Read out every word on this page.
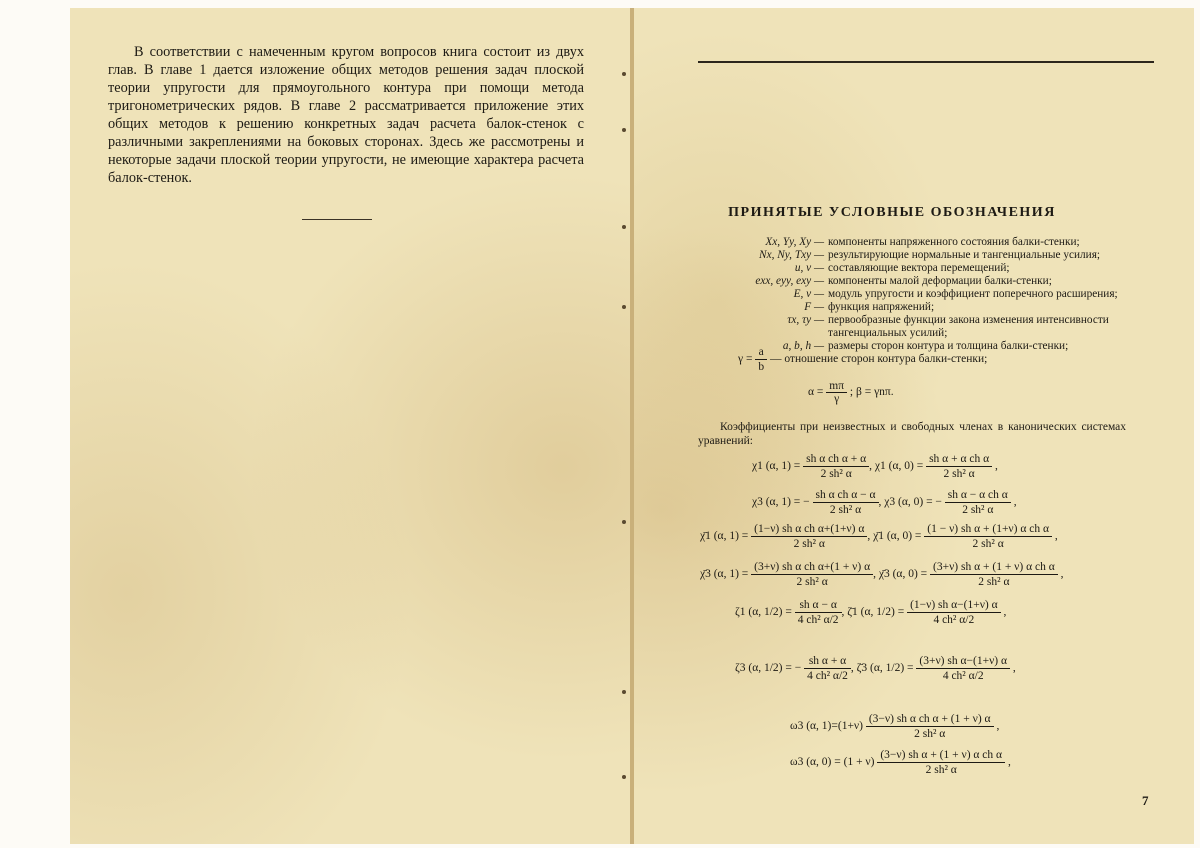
В соответствии с намеченным кругом вопросов книга состоит из двух глав. В главе 1 дается изложение общих методов решения задач плоской теории упругости для прямоугольного контура при помощи метода тригонометрических рядов. В главе 2 рассматривается приложение этих общих методов к решению конкретных задач расчета балок-стенок с различными закреплениями на боковых сторонах. Здесь же рассмотрены и некоторые задачи плоской теории упругости, не имеющие характера расчета балок-стенок.

7
ПРИНЯТЫЕ УСЛОВНЫЕ ОБОЗНАЧЕНИЯ
Xx, Yy, Xy — компоненты напряженного состояния балки-стенки;
Nx, Ny, Txy — результирующие нормальные и тангенциальные усилия;
u, v — составляющие вектора перемещений;
exx, eyy, exy — компоненты малой деформации балки-стенки;
E, ν — модуль упругости и коэффициент поперечного расширения;
F — функция напряжений;
τx, τy — первообразные функции закона изменения интенсивности
тангенциальных усилий;
a, b, h — размеры сторон контура и толщина балки-стенки;
$\gamma = \frac{a}{b}$ — отношение сторон контура балки-стенки;
$\alpha = \frac{m\pi}{\gamma}$ ; β = γnπ.

Коэффициенты при неизвестных и свободных членах в канонических системах уравнений:

χ1 (α, $1) = \frac{\text{sh α ch α + α}}{\text{2 sh² α}}$ , χ1 (α, $0) = \frac{\text{sh α + α ch α}}{\text{2 sh² α}}$ ,
χ3 (α, 1) = − $\frac{\text{sh α ch α − α}}{\text{2 sh² α}}$ , χ3 (α, 0) = − $\frac{\text{sh α − α ch α}}{\text{2 sh² α}}$ ,
χ̄1 (α, $1) = \frac{\text{(1−ν) sh α ch α+(1+ν) α}}{\text{2 sh² α}}$ , χ̄1 (α, $0) = \frac{\text{(1 − ν) sh α + (1+ν) α ch α}}{\text{2 sh² α}}$ ,
χ̄3 (α, $1) = \frac{\text{(3+ν) sh α ch α+(1 + ν) α}}{\text{2 sh² α}}$ , χ̄3 (α, $0) = \frac{\text{(3+ν) sh α + (1 + ν) α ch α}}{\text{2 sh² α}}$ ,
ζ1 (α, $1/2) = \frac{\text{sh α − α}}{\text{4 ch² α/2}}$ , ζ̄1 (α, $1/2) = \frac{\text{(1−ν) sh α−(1+ν) α}}{\text{4 ch² α/2}}$ ,
ζ3 (α, 1/2) = − $\frac{\text{sh α + α}}{\text{4 ch² α/2}}$ , ζ̄3 (α, $1/2) = \frac{\text{(3+ν) sh α−(1+ν) α}}{\text{4 ch² α/2}}$ ,
ω3 (α, $1)=(1+\nu) \frac{\text{(3−ν) sh α ch α + (1 + ν) α}}{\text{2 sh² α}}$ ,
ω3 (α, $0) = (1 + \nu) \frac{\text{(3−ν) sh α + (1 + ν) α ch α}}{\text{2 sh² α}}$ ,
